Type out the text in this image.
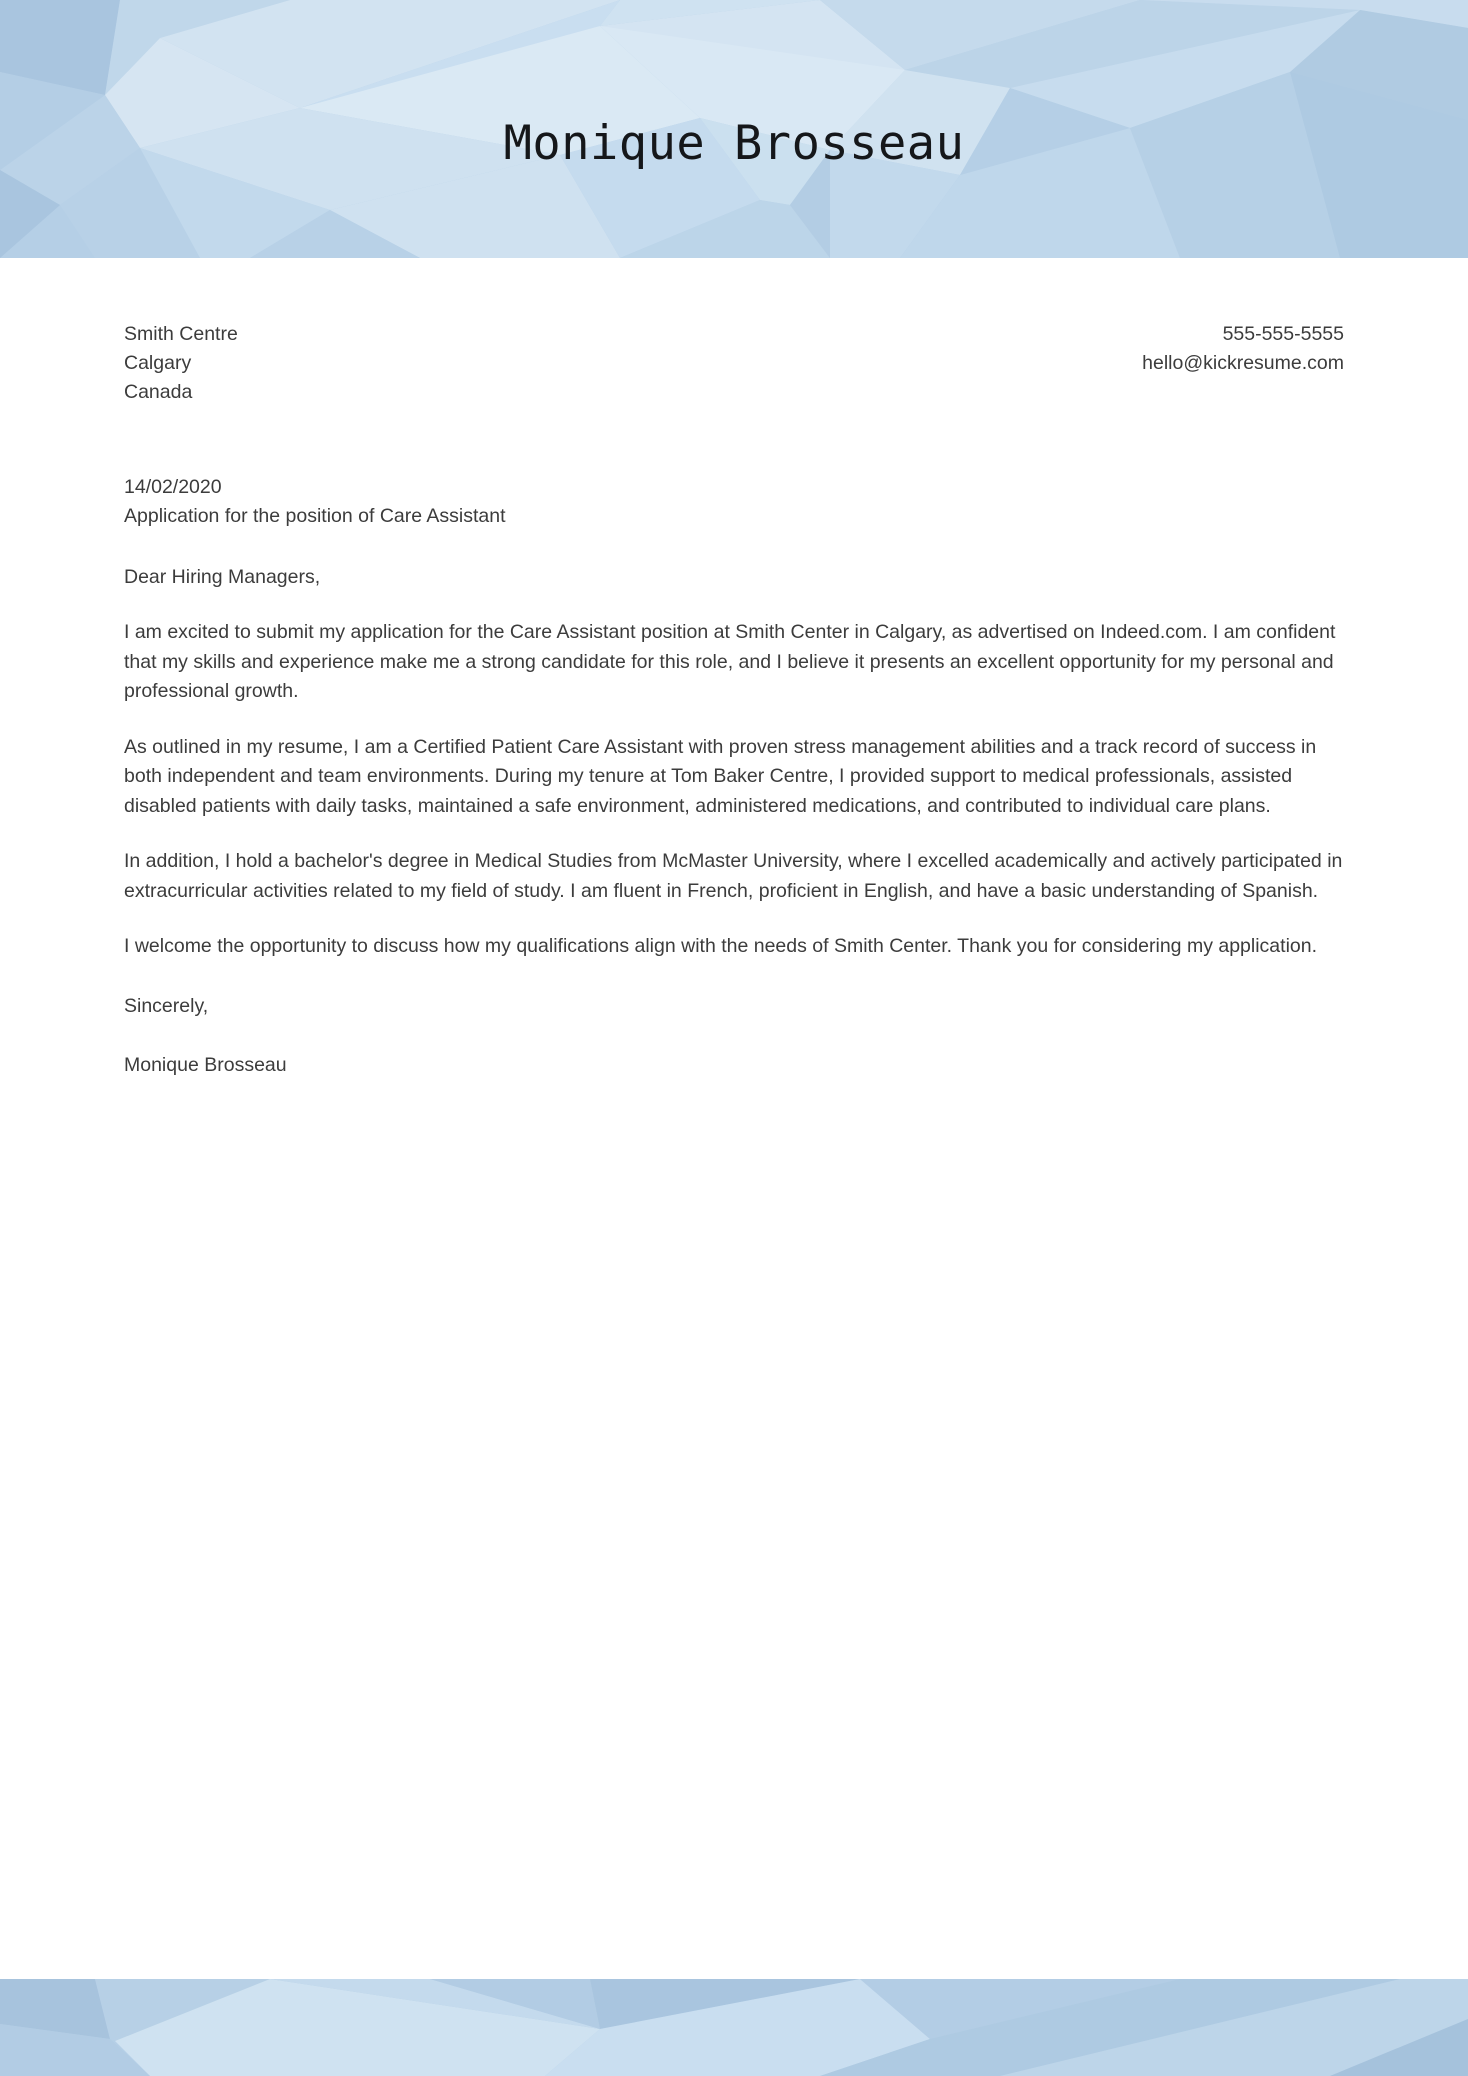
Monique Brosseau
Smith Centre
Calgary
Canada
555-555-5555
hello@kickresume.com
14/02/2020
Application for the position of Care Assistant
Dear Hiring Managers,

I am excited to submit my application for the Care Assistant position at Smith Center in Calgary, as advertised on Indeed.com. I am confident that my skills and experience make me a strong candidate for this role, and I believe it presents an excellent opportunity for my personal and professional growth.

As outlined in my resume, I am a Certified Patient Care Assistant with proven stress management abilities and a track record of success in both independent and team environments. During my tenure at Tom Baker Centre, I provided support to medical professionals, assisted disabled patients with daily tasks, maintained a safe environment, administered medications, and contributed to individual care plans.

In addition, I hold a bachelor's degree in Medical Studies from McMaster University, where I excelled academically and actively participated in extracurricular activities related to my field of study. I am fluent in French, proficient in English, and have a basic understanding of Spanish.

I welcome the opportunity to discuss how my qualifications align with the needs of Smith Center. Thank you for considering my application.

Sincerely,
Monique Brosseau
